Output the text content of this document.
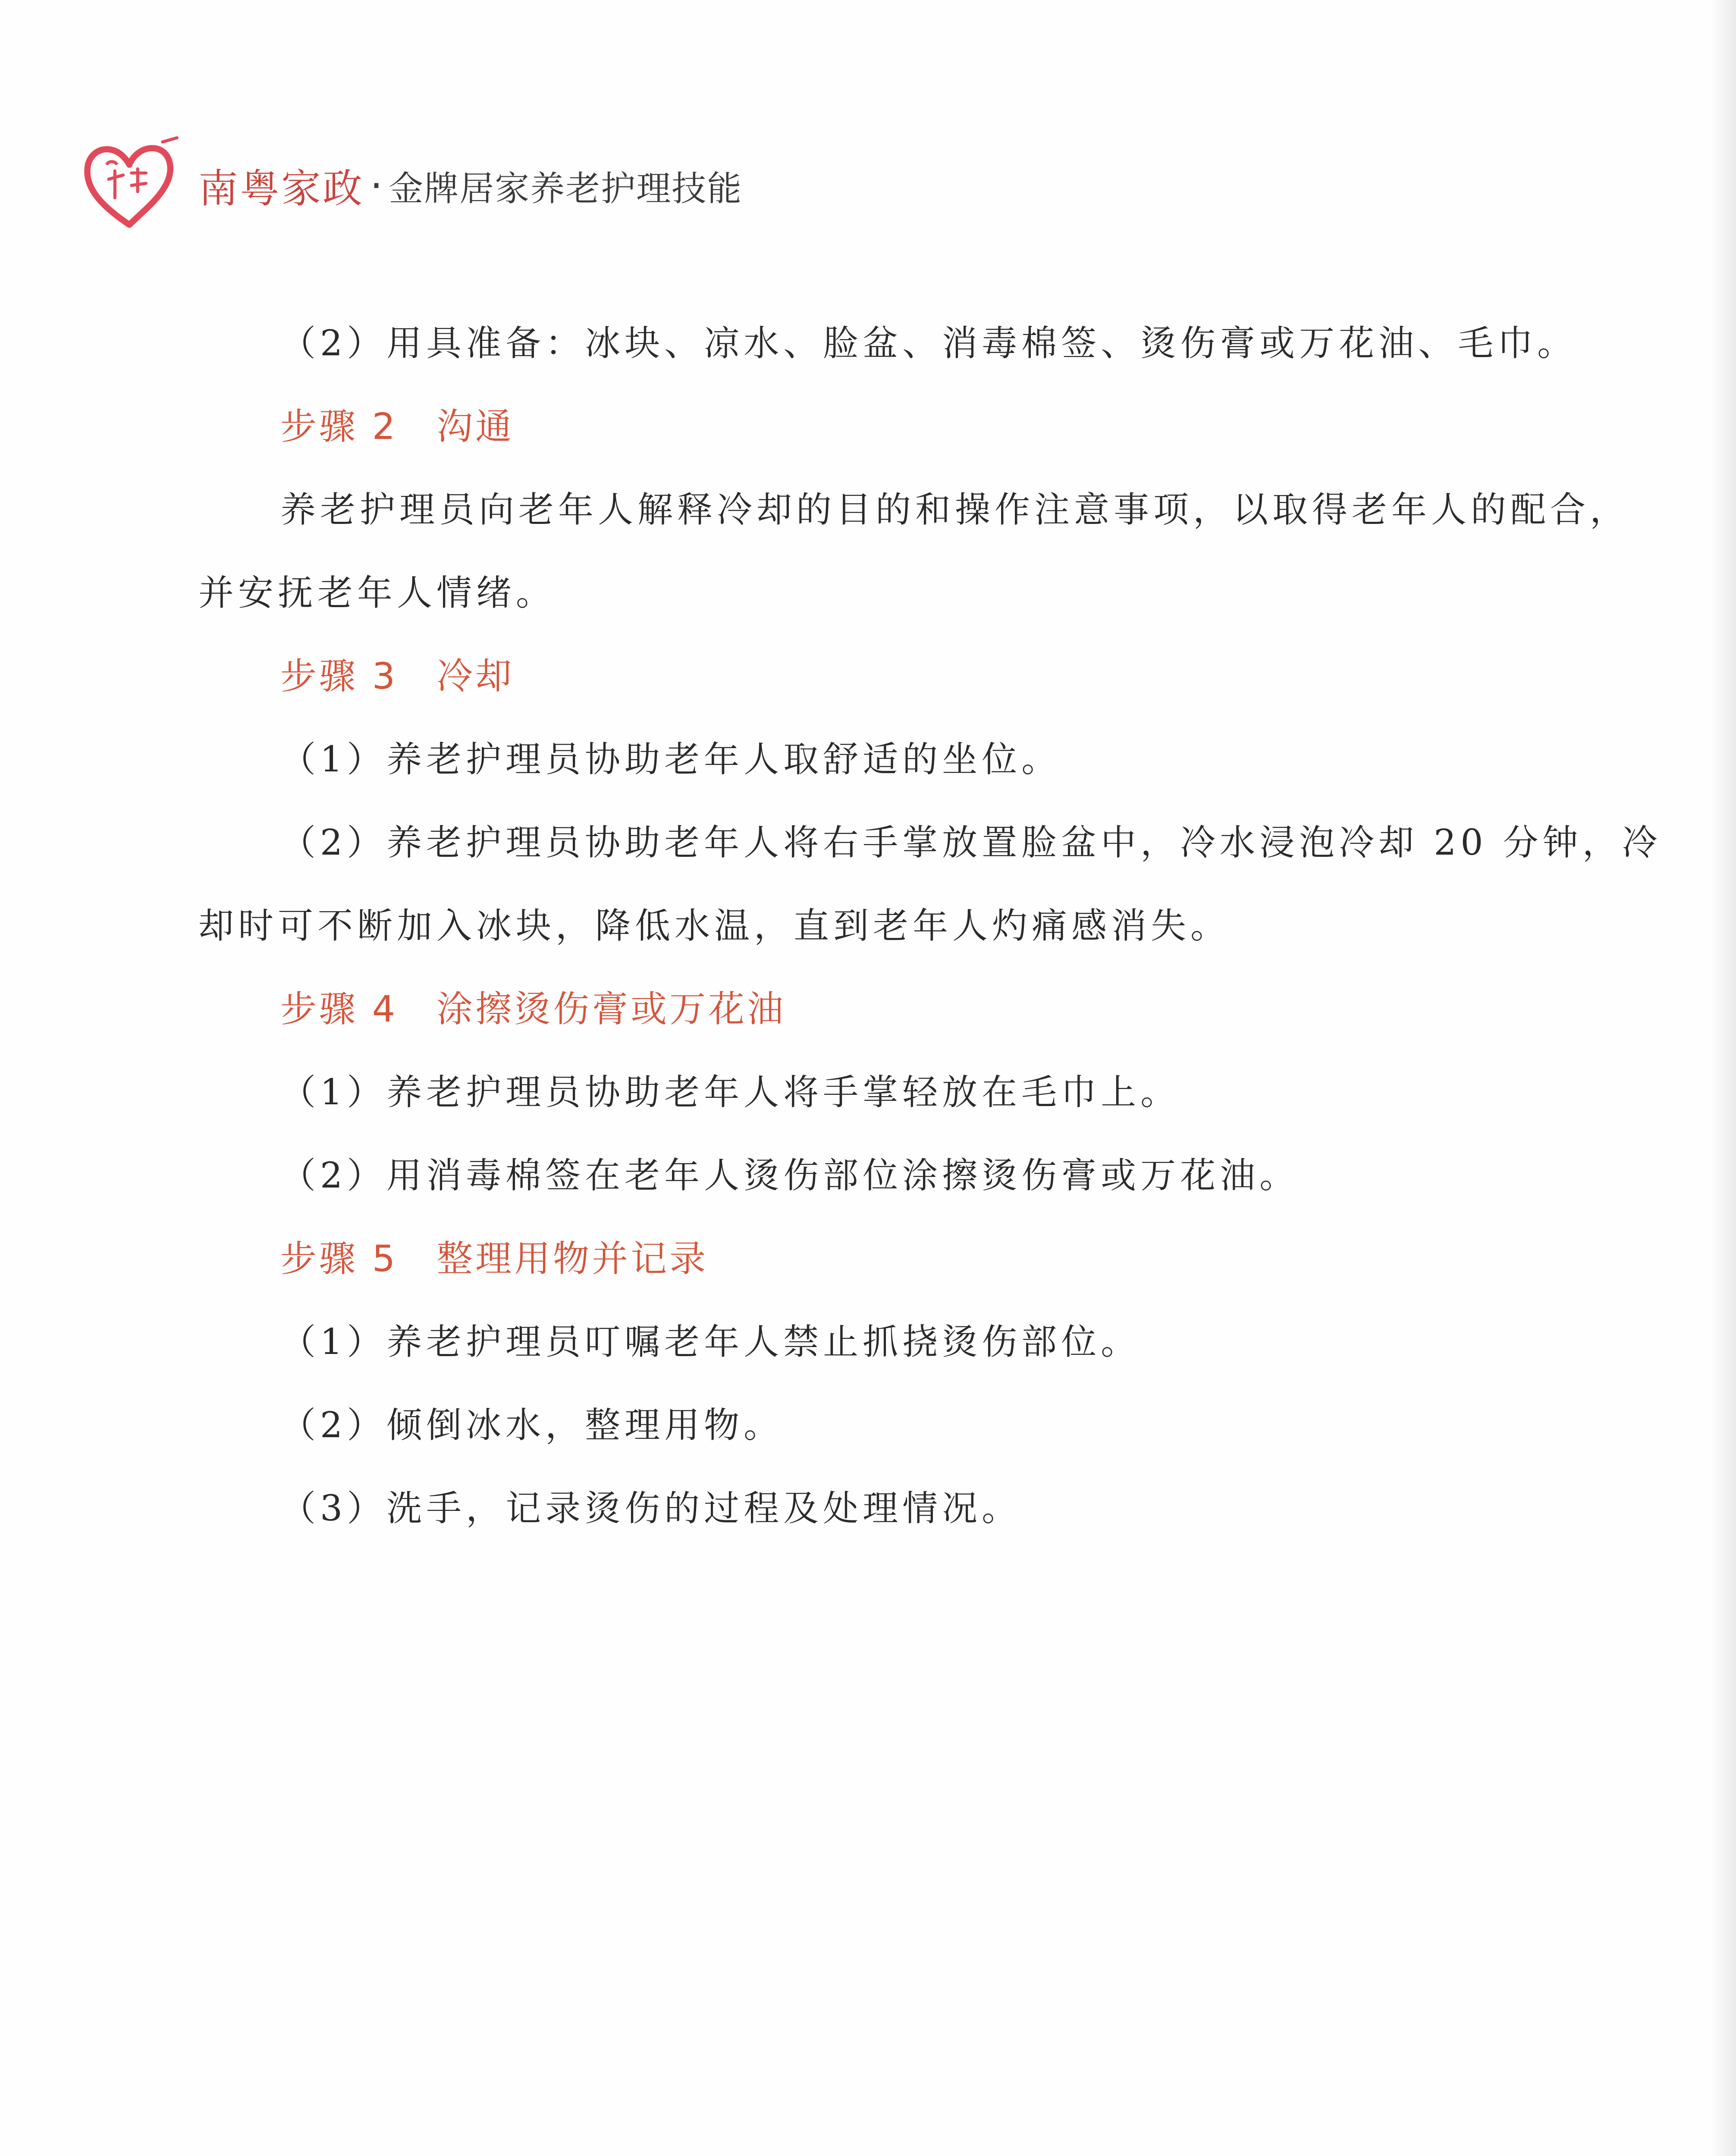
南粤家政 · 金牌居家养老护理技能

（2）用具准备：冰块、凉水、脸盆、消毒棉签、烫伤膏或万花油、毛巾。

步骤 2 沟通

养老护理员向老年人解释冷却的目的和操作注意事项，以取得老年人的配合，

并安抚老年人情绪。

步骤 3 冷却

（1）养老护理员协助老年人取舒适的坐位。

（2）养老护理员协助老年人将右手掌放置脸盆中，冷水浸泡冷却 20 分钟，冷

却时可不断加入冰块，降低水温，直到老年人灼痛感消失。

步骤 4 涂擦烫伤膏或万花油

（1）养老护理员协助老年人将手掌轻放在毛巾上。

（2）用消毒棉签在老年人烫伤部位涂擦烫伤膏或万花油。

步骤 5 整理用物并记录

（1）养老护理员叮嘱老年人禁止抓挠烫伤部位。

（2）倾倒冰水，整理用物。

（3）洗手，记录烫伤的过程及处理情况。
